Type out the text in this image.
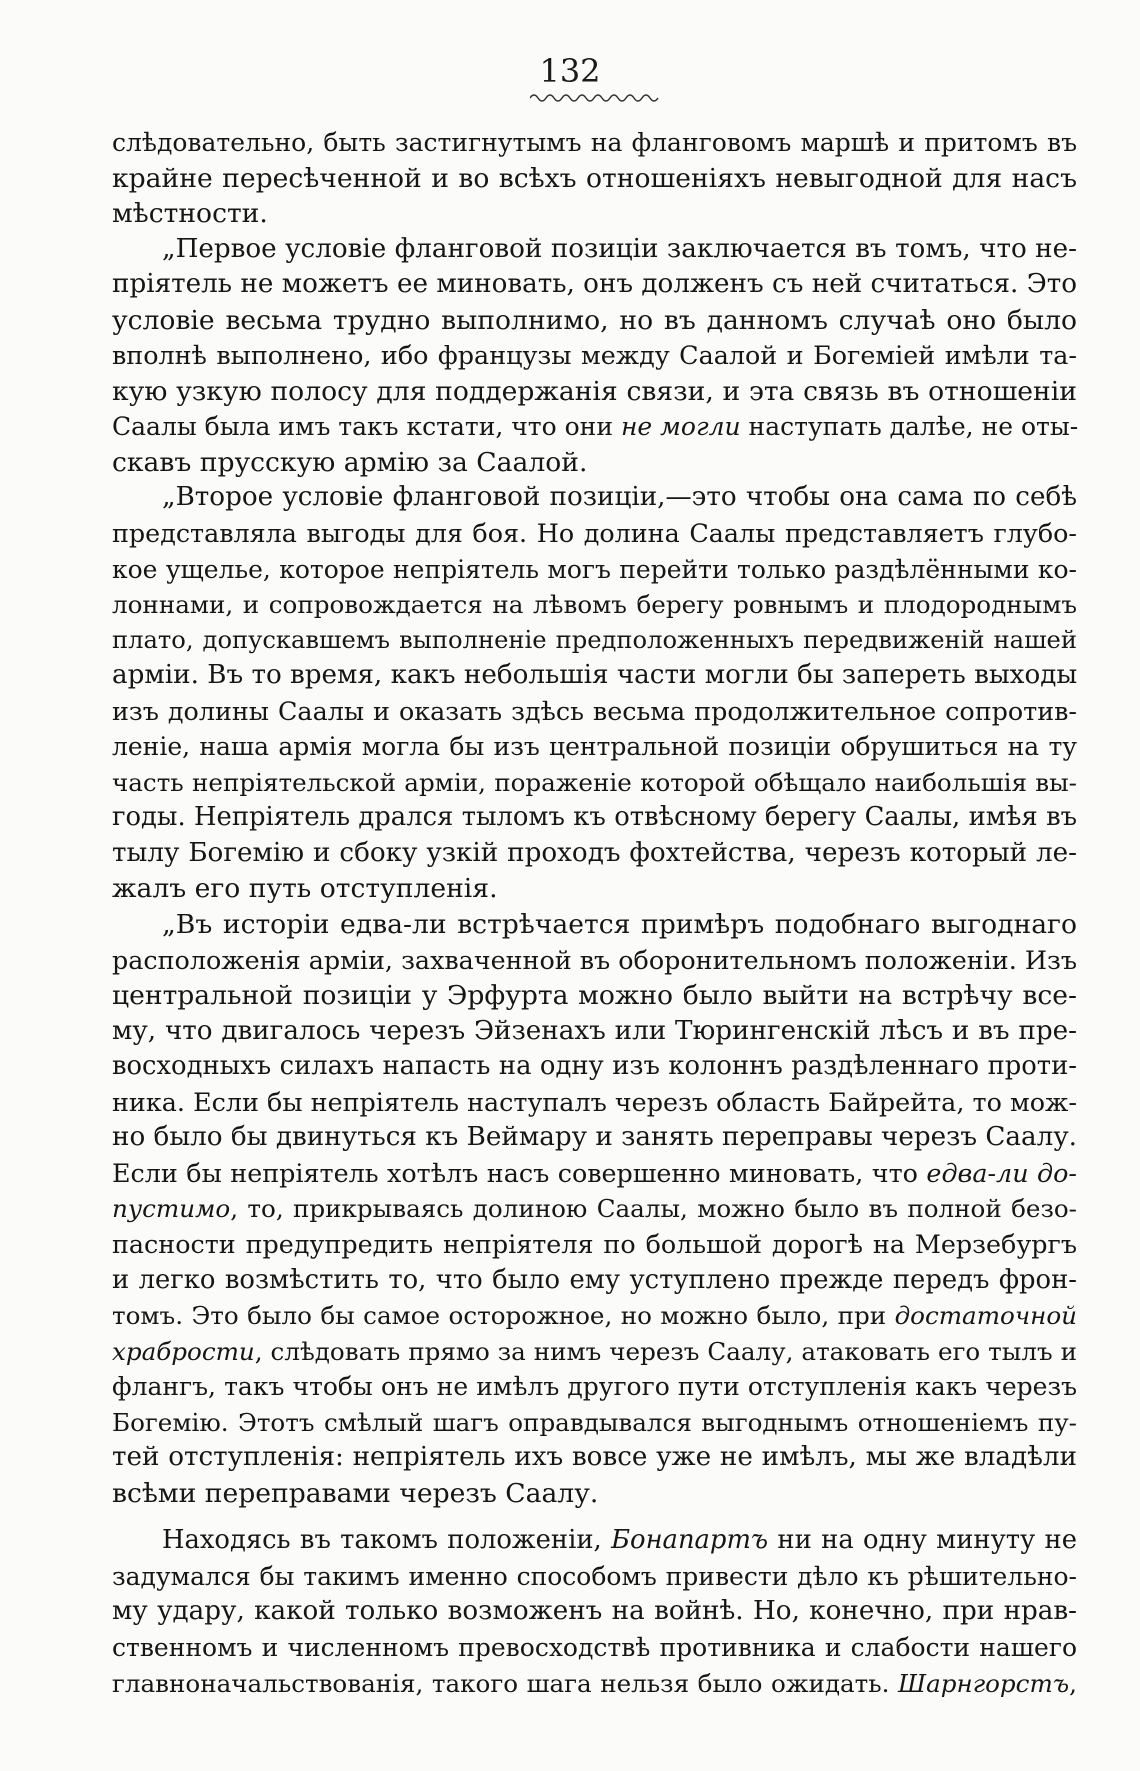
132
слѣдовательно, быть застигнутымъ на фланговомъ маршѣ и притомъ въ
крайне пересѣченной и во всѣхъ отношеніяхъ невыгодной для насъ
мѣстности.
„Первое условіе фланговой позиціи заключается въ томъ, что не-
пріятель не можетъ ее миновать, онъ долженъ съ ней считаться. Это
условіе весьма трудно выполнимо, но въ данномъ случаѣ оно было
вполнѣ выполнено, ибо французы между Саалой и Богеміей имѣли та-
кую узкую полосу для поддержанія связи, и эта связь въ отношеніи
Саалы была имъ такъ кстати, что они не могли наступать далѣе, не оты-
скавъ прусскую армію за Саалой.
„Второе условіе фланговой позиціи,—это чтобы она сама по себѣ
представляла выгоды для боя. Но долина Саалы представляетъ глубо-
кое ущелье, которое непріятель могъ перейти только раздѣлёнными ко-
лоннами, и сопровождается на лѣвомъ берегу ровнымъ и плодороднымъ
плато, допускавшемъ выполненіе предположенныхъ передвиженій нашей
арміи. Въ то время, какъ небольшія части могли бы запереть выходы
изъ долины Саалы и оказать здѣсь весьма продолжительное сопротив-
леніе, наша армія могла бы изъ центральной позиціи обрушиться на ту
часть непріятельской арміи, пораженіе которой обѣщало наибольшія вы-
годы. Непріятель дрался тыломъ къ отвѣсному берегу Саалы, имѣя въ
тылу Богемію и сбоку узкій проходъ фохтейства, черезъ который ле-
жалъ его путь отступленія.
„Въ исторіи едва-ли встрѣчается примѣръ подобнаго выгоднаго
расположенія арміи, захваченной въ оборонительномъ положеніи. Изъ
центральной позиціи у Эрфурта можно было выйти на встрѣчу все-
му, что двигалось черезъ Эйзенахъ или Тюрингенскій лѣсъ и въ пре-
восходныхъ силахъ напасть на одну изъ колоннъ раздѣленнаго проти-
ника. Если бы непріятель наступалъ черезъ область Байрейта, то мож-
но было бы двинуться къ Веймару и занять переправы черезъ Саалу.
Если бы непріятель хотѣлъ насъ совершенно миновать, что едва-ли до-
пустимо, то, прикрываясь долиною Саалы, можно было въ полной безо-
пасности предупредить непріятеля по большой дорогѣ на Мерзебургъ
и легко возмѣстить то, что было ему уступлено прежде передъ фрон-
томъ. Это было бы самое осторожное, но можно было, при достаточной
храбрости, слѣдовать прямо за нимъ черезъ Саалу, атаковать его тылъ и
флангъ, такъ чтобы онъ не имѣлъ другого пути отступленія какъ черезъ
Богемію. Этотъ смѣлый шагъ оправдывался выгоднымъ отношеніемъ пу-
тей отступленія: непріятель ихъ вовсе уже не имѣлъ, мы же владѣли
всѣми переправами черезъ Саалу.
Находясь въ такомъ положеніи, Бонапартъ ни на одну минуту не
задумался бы такимъ именно способомъ привести дѣло къ рѣшительно-
му удару, какой только возможенъ на войнѣ. Но, конечно, при нрав-
ственномъ и численномъ превосходствѣ противника и слабости нашего
главноначальствованія, такого шага нельзя было ожидать. Шарнгорстъ,
